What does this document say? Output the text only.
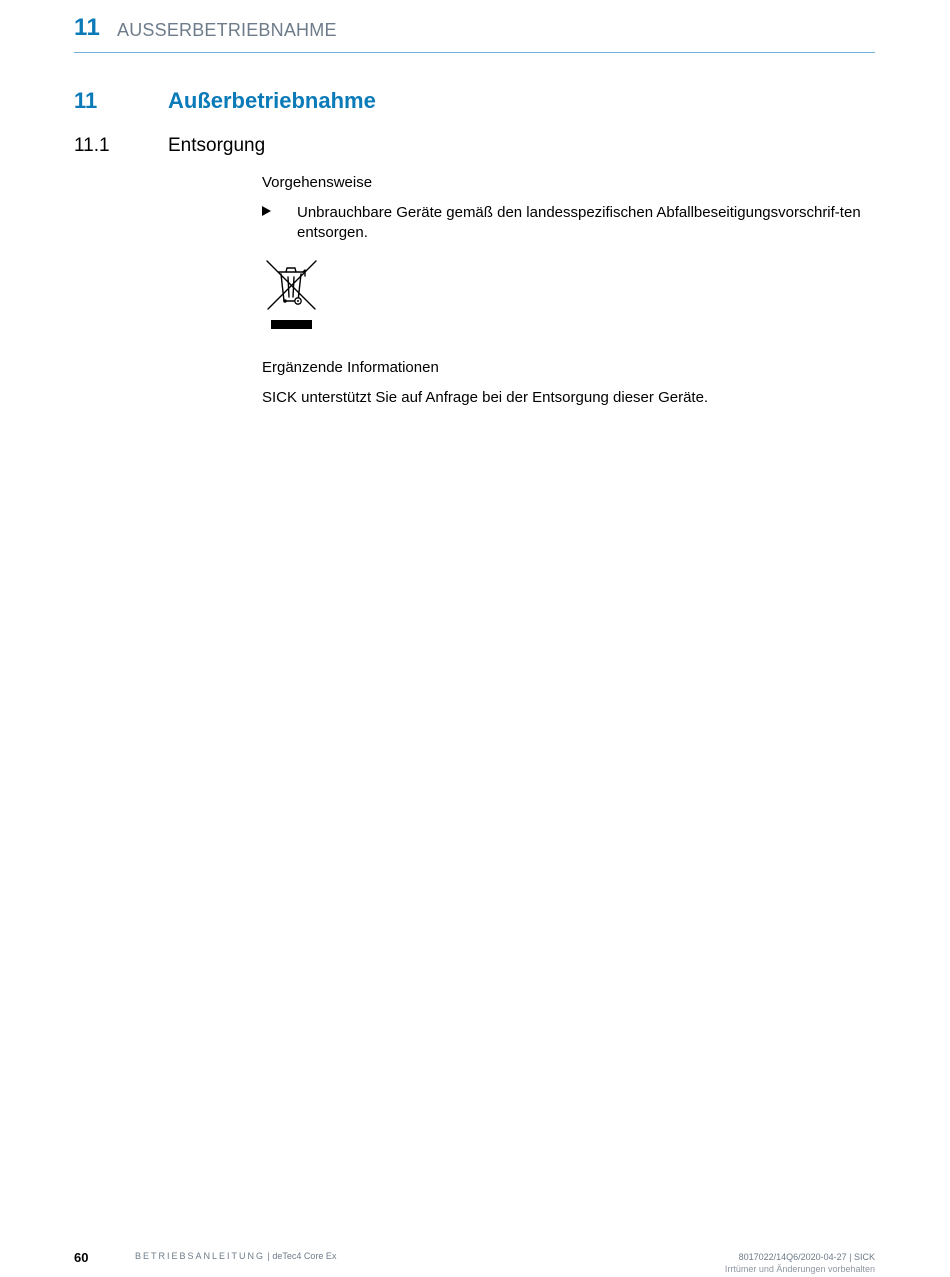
11 AUSSERBETRIEBNAHME
11	Außerbetriebnahme
11.1	Entsorgung
Vorgehensweise
Unbrauchbare Geräte gemäß den landesspezifischen Abfallbeseitigungsvorschrif-ten entsorgen.
Ergänzende Informationen
SICK unterstützt Sie auf Anfrage bei der Entsorgung dieser Geräte.
60	BETRIEBSANLEITUNG | deTec4 Core Ex	8017022/14Q6/2020-04-27 | SICK
Irrtümer und Änderungen vorbehalten
